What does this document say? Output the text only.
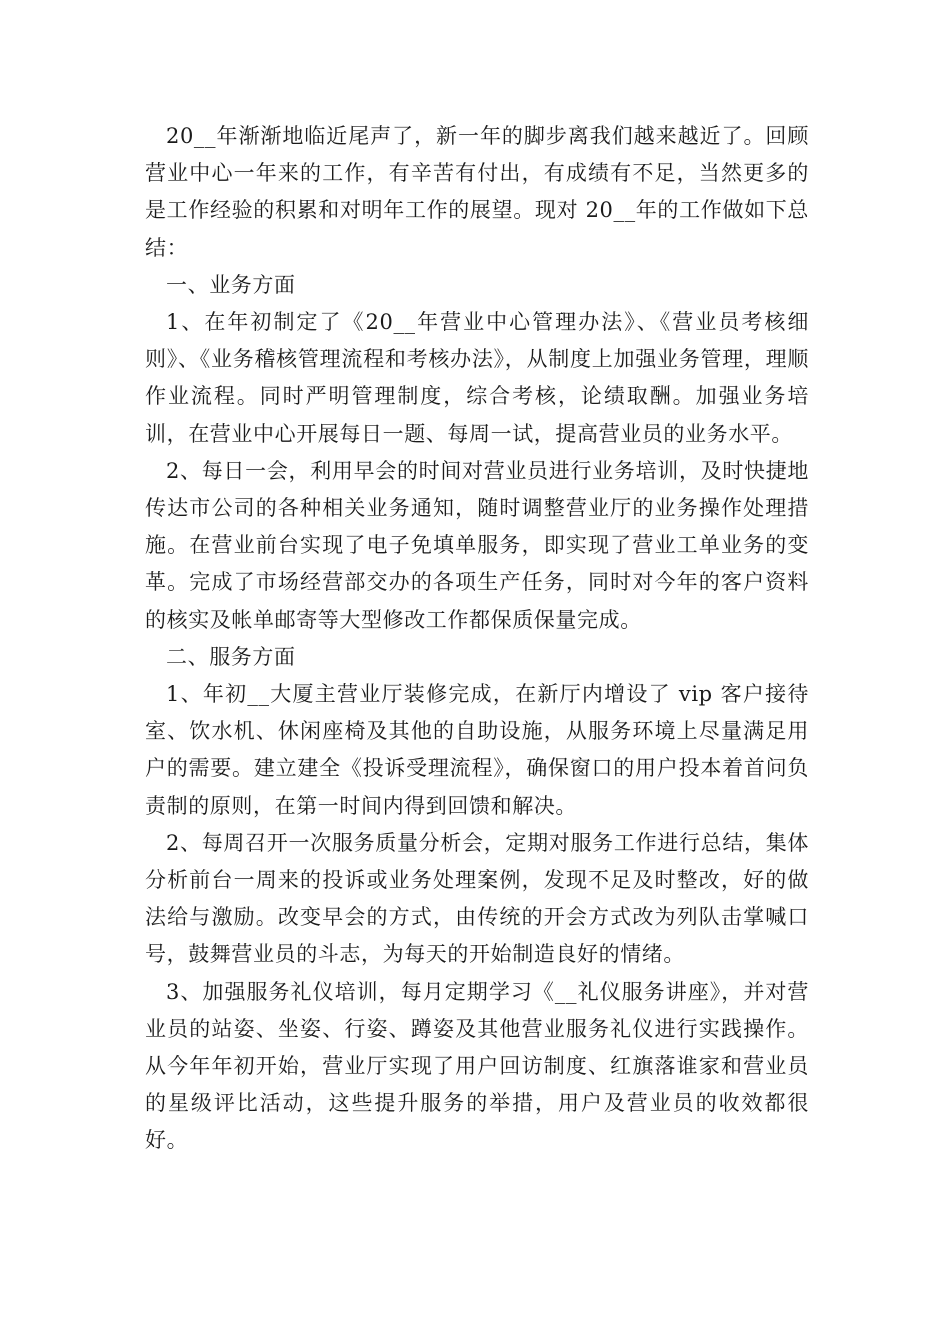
20__年渐渐地临近尾声了，新一年的脚步离我们越来越近了。回顾营业中心一年来的工作，有辛苦有付出，有成绩有不足，当然更多的是工作经验的积累和对明年工作的展望。现对 20__年的工作做如下总结：

一、业务方面

1、在年初制定了《20__年营业中心管理办法》、《营业员考核细则》、《业务稽核管理流程和考核办法》，从制度上加强业务管理，理顺作业流程。同时严明管理制度，综合考核，论绩取酬。加强业务培训，在营业中心开展每日一题、每周一试，提高营业员的业务水平。

2、每日一会，利用早会的时间对营业员进行业务培训，及时快捷地传达市公司的各种相关业务通知，随时调整营业厅的业务操作处理措施。在营业前台实现了电子免填单服务，即实现了营业工单业务的变革。完成了市场经营部交办的各项生产任务，同时对今年的客户资料的核实及帐单邮寄等大型修改工作都保质保量完成。

二、服务方面

1、年初__大厦主营业厅装修完成，在新厅内增设了 vip 客户接待室、饮水机、休闲座椅及其他的自助设施，从服务环境上尽量满足用户的需要。建立建全《投诉受理流程》，确保窗口的用户投本着首问负责制的原则，在第一时间内得到回馈和解决。

2、每周召开一次服务质量分析会，定期对服务工作进行总结，集体分析前台一周来的投诉或业务处理案例，发现不足及时整改，好的做法给与激励。改变早会的方式，由传统的开会方式改为列队击掌喊口号，鼓舞营业员的斗志，为每天的开始制造良好的情绪。

3、加强服务礼仪培训，每月定期学习《__礼仪服务讲座》，并对营业员的站姿、坐姿、行姿、蹲姿及其他营业服务礼仪进行实践操作。从今年年初开始，营业厅实现了用户回访制度、红旗落谁家和营业员的星级评比活动，这些提升服务的举措，用户及营业员的收效都很好。
